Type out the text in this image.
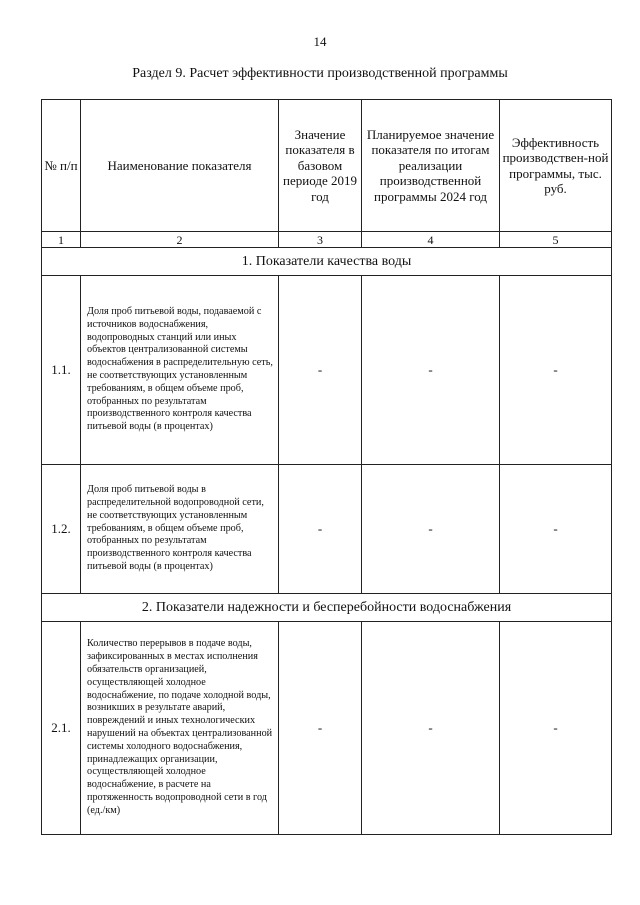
14
Раздел 9. Расчет эффективности производственной программы
№ п/п	Наименование показателя	Значение показателя в базовом периоде 2019 год	Планируемое значение показателя по итогам реализации производственной программы 2024 год	Эффективность производствен-ной программы, тыс. руб.
1	2	3	4	5
1. Показатели качества воды				
1.1.	Доля проб питьевой воды, подаваемой с источников водоснабжения, водопроводных станций или иных объектов централизованной системы водоснабжения в распределительную сеть, не соответствующих установленным требованиям, в общем объеме проб, отобранных по результатам производственного контроля качества питьевой воды (в процентах)	-	-	-
1.2.	Доля проб питьевой воды в распределительной водопроводной сети, не соответствующих установленным требованиям, в общем объеме проб, отобранных по результатам производственного контроля качества питьевой воды (в процентах)	-	-	-
2. Показатели надежности и бесперебойности водоснабжения				
2.1.	Количество перерывов в подаче воды, зафиксированных в местах исполнения обязательств организацией, осуществляющей холодное водоснабжение, по подаче холодной воды, возникших в результате аварий, повреждений и иных технологических нарушений на объектах централизованной системы холодного водоснабжения, принадлежащих организации, осуществляющей холодное водоснабжение, в расчете на протяженность водопроводной сети в год (ед./км)	-	-	-
